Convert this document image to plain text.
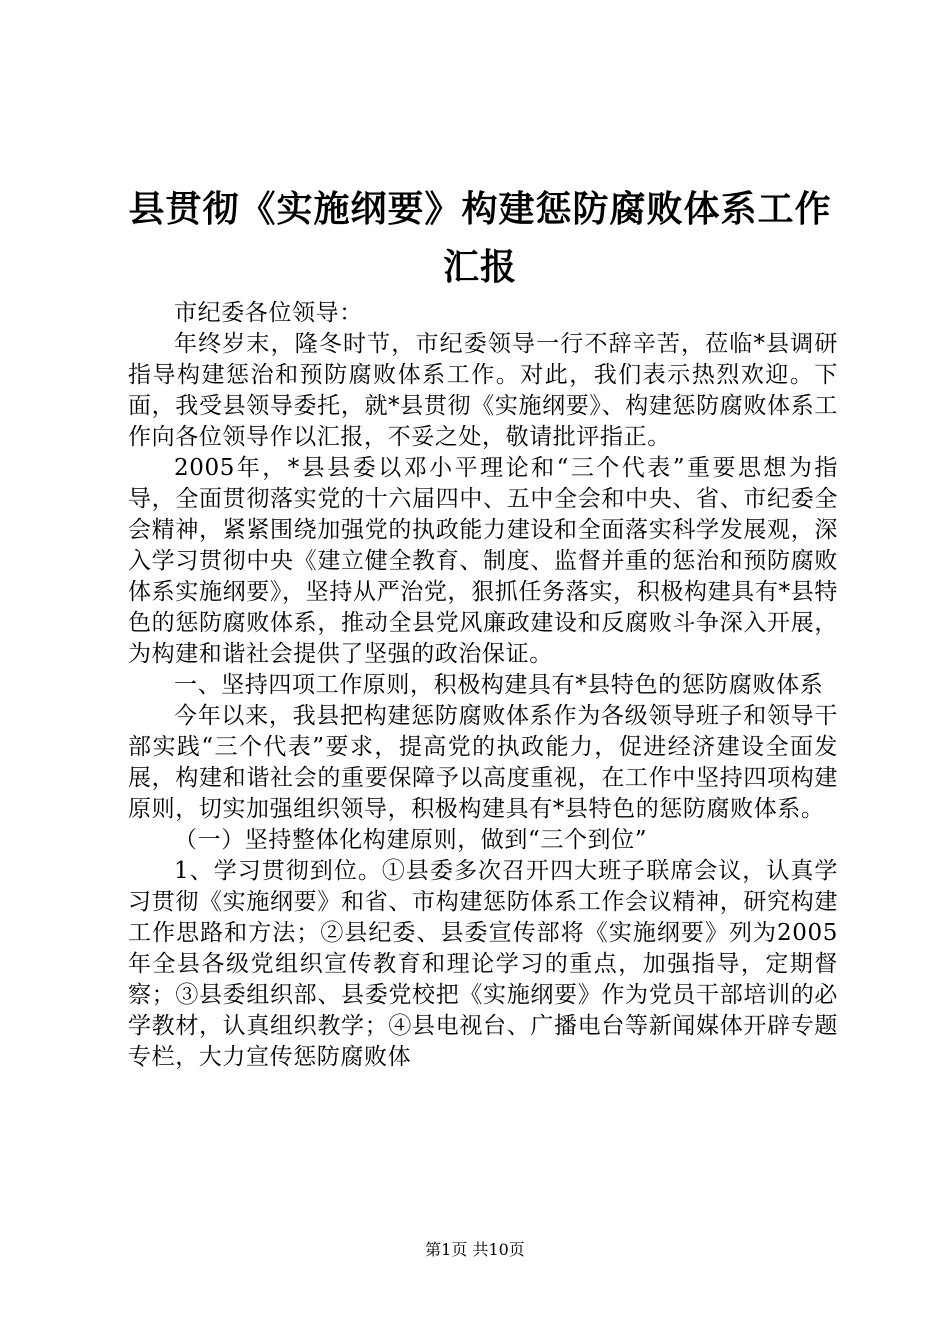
县贯彻《实施纲要》构建惩防腐败体系工作汇报

市纪委各位领导：

年终岁末，隆冬时节，市纪委领导一行不辞辛苦，莅临*县调研指导构建惩治和预防腐败体系工作。对此，我们表示热烈欢迎。下面，我受县领导委托，就*县贯彻《实施纲要》、构建惩防腐败体系工作向各位领导作以汇报，不妥之处，敬请批评指正。

2005年，*县县委以邓小平理论和“三个代表”重要思想为指导，全面贯彻落实党的十六届四中、五中全会和中央、省、市纪委全会精神，紧紧围绕加强党的执政能力建设和全面落实科学发展观，深入学习贯彻中央《建立健全教育、制度、监督并重的惩治和预防腐败体系实施纲要》，坚持从严治党，狠抓任务落实，积极构建具有*县特色的惩防腐败体系，推动全县党风廉政建设和反腐败斗争深入开展，为构建和谐社会提供了坚强的政治保证。

一、坚持四项工作原则，积极构建具有*县特色的惩防腐败体系

今年以来，我县把构建惩防腐败体系作为各级领导班子和领导干部实践“三个代表”要求，提高党的执政能力，促进经济建设全面发展，构建和谐社会的重要保障予以高度重视，在工作中坚持四项构建原则，切实加强组织领导，积极构建具有*县特色的惩防腐败体系。

（一）坚持整体化构建原则，做到“三个到位”

1、学习贯彻到位。①县委多次召开四大班子联席会议，认真学习贯彻《实施纲要》和省、市构建惩防体系工作会议精神，研究构建工作思路和方法；②县纪委、县委宣传部将《实施纲要》列为2005年全县各级党组织宣传教育和理论学习的重点，加强指导，定期督察；③县委组织部、县委党校把《实施纲要》作为党员干部培训的必学教材，认真组织教学；④县电视台、广播电台等新闻媒体开辟专题专栏，大力宣传惩防腐败体

第1页 共10页
